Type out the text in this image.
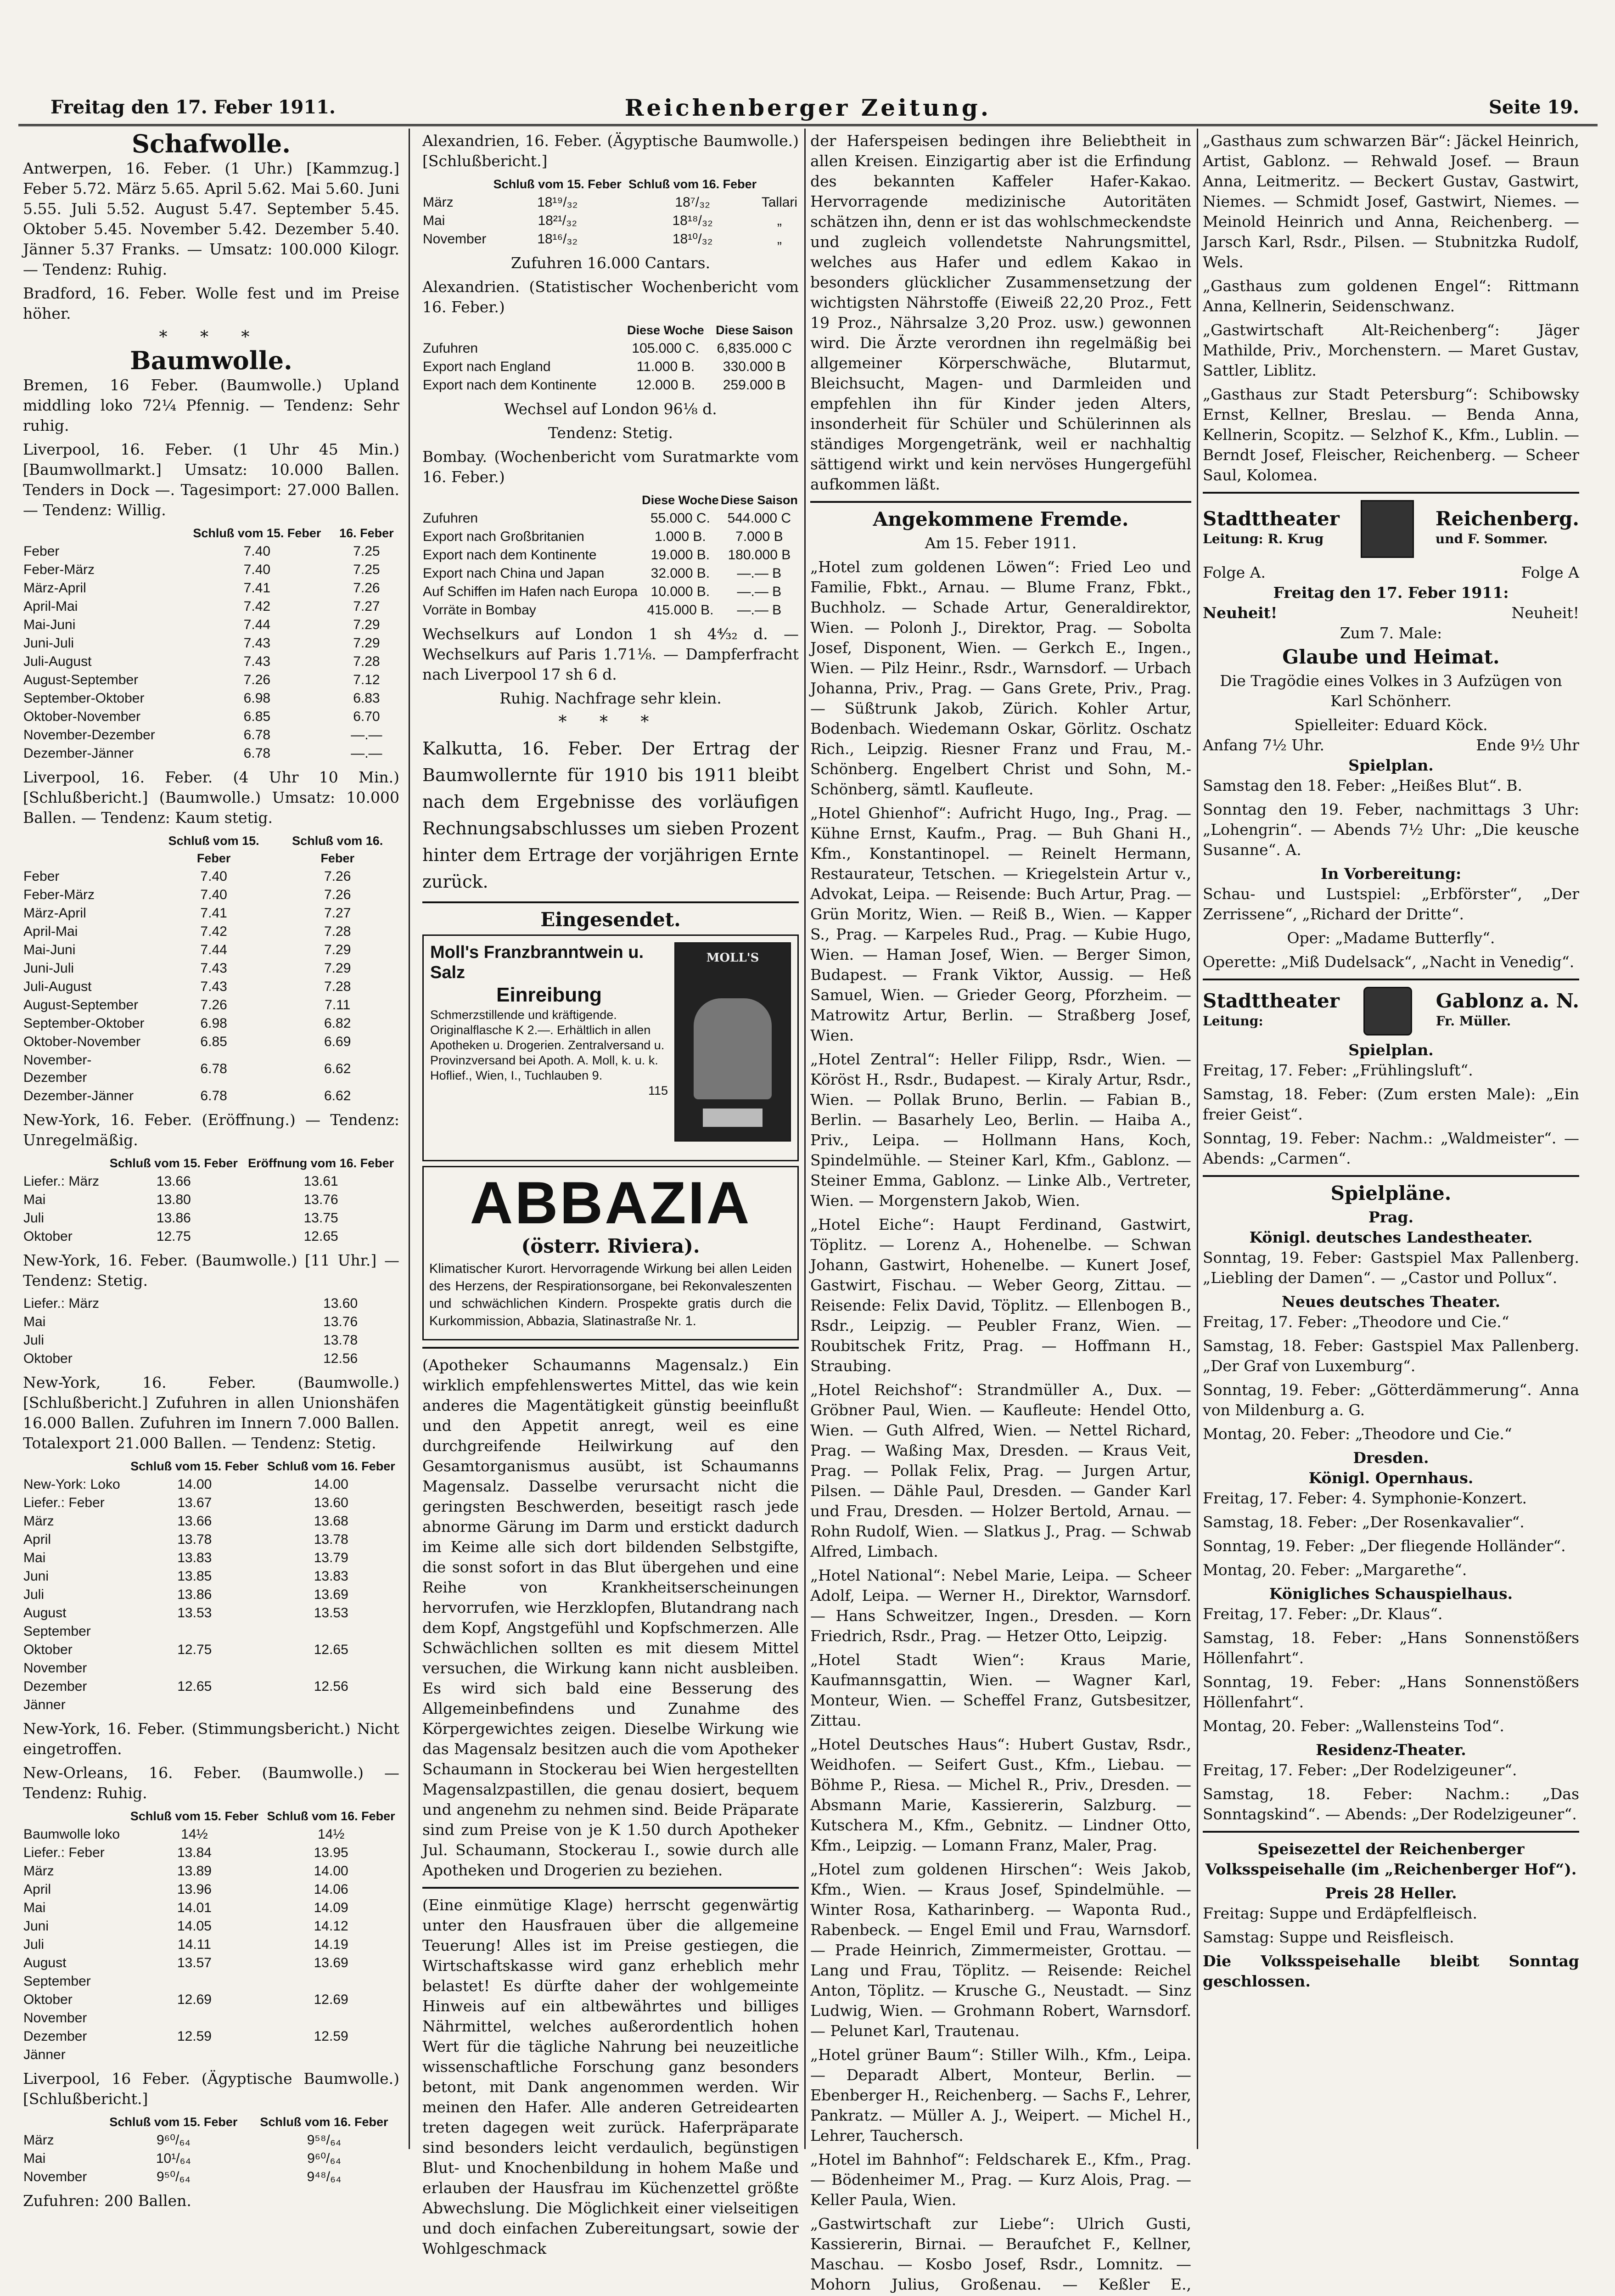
Freitag den 17. Feber 1911.	Reichenberger Zeitung.	Seite 19.
Schafwolle.

Antwerpen, 16. Feber. (1 Uhr.) [Kammzug.] Feber 5.72. März 5.65. April 5.62. Mai 5.60. Juni 5.55. Juli 5.52. August 5.47. September 5.45. Oktober 5.45. November 5.42. Dezember 5.40. Jänner 5.37 Franks. — Umsatz: 100.000 Kilogr. — Tendenz: Ruhig.

Bradford, 16. Feber. Wolle fest und im Preise höher.

* * *
Baumwolle.

Bremen, 16 Feber. (Baumwolle.) Upland middling loko 72¼ Pfennig. — Tendenz: Sehr ruhig.

Liverpool, 16. Feber. (1 Uhr 45 Min.) [Baumwollmarkt.] Umsatz: 10.000 Ballen. Tenders in Dock —. Tagesimport: 27.000 Ballen. — Tendenz: Willig.

	Schluß vom 15. Feber	16. Feber
Feber	7.40	7.25
Feber-März	7.40	7.25
März-April	7.41	7.26
April-Mai	7.42	7.27
Mai-Juni	7.44	7.29
Juni-Juli	7.43	7.29
Juli-August	7.43	7.28
August-September	7.26	7.12
September-Oktober	6.98	6.83
Oktober-November	6.85	6.70
November-Dezember	6.78	—.—
Dezember-Jänner	6.78	—.—

Liverpool, 16. Feber. (4 Uhr 10 Min.) [Schlußbericht.] (Baumwolle.) Umsatz: 10.000 Ballen. — Tendenz: Kaum stetig.

	Schluß vom 15. Feber	Schluß vom 16. Feber
Feber	7.40	7.26
Feber-März	7.40	7.26
März-April	7.41	7.27
April-Mai	7.42	7.28
Mai-Juni	7.44	7.29
Juni-Juli	7.43	7.29
Juli-August	7.43	7.28
August-September	7.26	7.11
September-Oktober	6.98	6.82
Oktober-November	6.85	6.69
November-Dezember	6.78	6.62
Dezember-Jänner	6.78	6.62

New-York, 16. Feber. (Eröffnung.) — Tendenz: Unregelmäßig.

	Schluß vom 15. Feber	Eröffnung vom 16. Feber
Liefer.: März	13.66	13.61
Mai	13.80	13.76
Juli	13.86	13.75
Oktober	12.75	12.65

New-York, 16. Feber. (Baumwolle.) [11 Uhr.] — Tendenz: Stetig.

Liefer.: März		13.60
Mai		13.76
Juli		13.78
Oktober		12.56

New-York, 16. Feber. (Baumwolle.) [Schlußbericht.] Zufuhren in allen Unionshäfen 16.000 Ballen. Zufuhren im Innern 7.000 Ballen. Totalexport 21.000 Ballen. — Tendenz: Stetig.

	Schluß vom 15. Feber	Schluß vom 16. Feber
New-York: Loko	14.00	14.00
Liefer.: Feber	13.67	13.60
März	13.66	13.68
April	13.78	13.78
Mai	13.83	13.79
Juni	13.85	13.83
Juli	13.86	13.69
August	13.53	13.53
September		
Oktober	12.75	12.65
November		
Dezember	12.65	12.56
Jänner		

New-York, 16. Feber. (Stimmungsbericht.) Nicht eingetroffen.

New-Orleans, 16. Feber. (Baumwolle.) — Tendenz: Ruhig.

	Schluß vom 15. Feber	Schluß vom 16. Feber
Baumwolle loko	14½	14½
Liefer.: Feber	13.84	13.95
März	13.89	14.00
April	13.96	14.06
Mai	14.01	14.09
Juni	14.05	14.12
Juli	14.11	14.19
August	13.57	13.69
September		
Oktober	12.69	12.69
November		
Dezember	12.59	12.59
Jänner		

Liverpool, 16 Feber. (Ägyptische Baumwolle.) [Schlußbericht.]

	Schluß vom 15. Feber	Schluß vom 16. Feber
März	9⁶⁰/₆₄	9⁵⁸/₆₄
Mai	10¹/₆₄	9⁶⁰/₆₄
November	9⁵⁰/₆₄	9⁴⁸/₆₄

Zufuhren: 200 Ballen.

Alexandrien, 16. Feber. (Ägyptische Baumwolle.) [Schlußbericht.]

	Schluß vom 15. Feber	Schluß vom 16. Feber	
März	18¹⁹/₃₂	18⁷/₃₂	Tallari
Mai	18²¹/₃₂	18¹⁸/₃₂	„
November	18¹⁶/₃₂	18¹⁰/₃₂	„

Zufuhren 16.000 Cantars.

Alexandrien. (Statistischer Wochenbericht vom 16. Feber.)

	Diese Woche	Diese Saison
Zufuhren	105.000 C.	6,835.000 C
Export nach England	11.000 B.	330.000 B
Export nach dem Kontinente	12.000 B.	259.000 B

Wechsel auf London 96⅛ d.

Tendenz: Stetig.

Bombay. (Wochenbericht vom Suratmarkte vom 16. Feber.)

	Diese Woche	Diese Saison
Zufuhren	55.000 C.	544.000 C
Export nach Großbritanien	1.000 B.	7.000 B
Export nach dem Kontinente	19.000 B.	180.000 B
Export nach China und Japan	32.000 B.	—.— B
Auf Schiffen im Hafen nach Europa	10.000 B.	—.— B
Vorräte in Bombay	415.000 B.	—.— B

Wechselkurs auf London 1 sh 4⁴⁄₃₂ d. — Wechselkurs auf Paris 1.71⅛. — Dampferfracht nach Liverpool 17 sh 6 d.

Ruhig. Nachfrage sehr klein.

* * *

Kalkutta, 16. Feber. Der Ertrag der Baumwollernte für 1910 bis 1911 bleibt nach dem Ergebnisse des vorläufigen Rechnungsabschlusses um sieben Prozent hinter dem Ertrage der vorjährigen Ernte zurück.

Eingesendet.
Moll's Franzbranntwein u. Salz
Einreibung
Schmerzstillende und kräftigende. Originalflasche K 2.—. Erhältlich in allen Apotheken u. Drogerien. Zentralversand u. Provinzversand bei Apoth. A. Moll, k. u. k. Hoflief., Wien, I., Tuchlauben 9.
115
MOLL'S
ABBAZIA
(österr. Riviera).

Klimatischer Kurort. Hervorragende Wirkung bei allen Leiden des Herzens, der Respirationsorgane, bei Rekonvaleszenten und schwächlichen Kindern. Prospekte gratis durch die Kurkommission, Abbazia, Slatinastraße Nr. 1.

(Apotheker Schaumanns Magensalz.) Ein wirklich empfehlenswertes Mittel, das wie kein anderes die Magentätigkeit günstig beeinflußt und den Appetit anregt, weil es eine durchgreifende Heilwirkung auf den Gesamtorganismus ausübt, ist Schaumanns Magensalz. Dasselbe verursacht nicht die geringsten Beschwerden, beseitigt rasch jede abnorme Gärung im Darm und erstickt dadurch im Keime alle sich dort bildenden Selbstgifte, die sonst sofort in das Blut übergehen und eine Reihe von Krankheitserscheinungen hervorrufen, wie Herzklopfen, Blutandrang nach dem Kopf, Angstgefühl und Kopfschmerzen. Alle Schwächlichen sollten es mit diesem Mittel versuchen, die Wirkung kann nicht ausbleiben. Es wird sich bald eine Besserung des Allgemeinbefindens und Zunahme des Körpergewichtes zeigen. Dieselbe Wirkung wie das Magensalz besitzen auch die vom Apotheker Schaumann in Stockerau bei Wien hergestellten Magensalzpastillen, die genau dosiert, bequem und angenehm zu nehmen sind. Beide Präparate sind zum Preise von je K 1.50 durch Apotheker Jul. Schaumann, Stockerau I., sowie durch alle Apotheken und Drogerien zu beziehen.

(Eine einmütige Klage) herrscht gegenwärtig unter den Hausfrauen über die allgemeine Teuerung! Alles ist im Preise gestiegen, die Wirtschaftskasse wird ganz erheblich mehr belastet! Es dürfte daher der wohlgemeinte Hinweis auf ein altbewährtes und billiges Nährmittel, welches außerordentlich hohen Wert für die tägliche Nahrung bei neuzeitliche wissenschaftliche Forschung ganz besonders betont, mit Dank angenommen werden. Wir meinen den Hafer. Alle anderen Getreidearten treten dagegen weit zurück. Haferpräparate sind besonders leicht verdaulich, begünstigen Blut- und Knochenbildung in hohem Maße und erlauben der Hausfrau im Küchenzettel größte Abwechslung. Die Möglichkeit einer vielseitigen und doch einfachen Zubereitungsart, sowie der Wohlgeschmack

der Haferspeisen bedingen ihre Beliebtheit in allen Kreisen. Einzigartig aber ist die Erfindung des bekannten Kaffeler Hafer-Kakao. Hervorragende medizinische Autoritäten schätzen ihn, denn er ist das wohlschmeckendste und zugleich vollendetste Nahrungsmittel, welches aus Hafer und edlem Kakao in besonders glücklicher Zusammensetzung der wichtigsten Nährstoffe (Eiweiß 22,20 Proz., Fett 19 Proz., Nährsalze 3,20 Proz. usw.) gewonnen wird. Die Ärzte verordnen ihn regelmäßig bei allgemeiner Körperschwäche, Blutarmut, Bleichsucht, Magen- und Darmleiden und empfehlen ihn für Kinder jeden Alters, insonderheit für Schüler und Schülerinnen als ständiges Morgengetränk, weil er nachhaltig sättigend wirkt und kein nervöses Hungergefühl aufkommen läßt.

Angekommene Fremde.
Am 15. Feber 1911.

„Hotel zum goldenen Löwen“: Fried Leo und Familie, Fbkt., Arnau. — Blume Franz, Fbkt., Buchholz. — Schade Artur, Generaldirektor, Wien. — Polonh J., Direktor, Prag. — Sobolta Josef, Disponent, Wien. — Gerkch E., Ingen., Wien. — Pilz Heinr., Rsdr., Warnsdorf. — Urbach Johanna, Priv., Prag. — Gans Grete, Priv., Prag. — Süßtrunk Jakob, Zürich. Kohler Artur, Bodenbach. Wiedemann Oskar, Görlitz. Oschatz Rich., Leipzig. Riesner Franz und Frau, M.-Schönberg. Engelbert Christ und Sohn, M.-Schönberg, sämtl. Kaufleute.

„Hotel Ghienhof“: Aufricht Hugo, Ing., Prag. — Kühne Ernst, Kaufm., Prag. — Buh Ghani H., Kfm., Konstantinopel. — Reinelt Hermann, Restaurateur, Tetschen. — Kriegelstein Artur v., Advokat, Leipa. — Reisende: Buch Artur, Prag. — Grün Moritz, Wien. — Reiß B., Wien. — Kapper S., Prag. — Karpeles Rud., Prag. — Kubie Hugo, Wien. — Haman Josef, Wien. — Berger Simon, Budapest. — Frank Viktor, Aussig. — Heß Samuel, Wien. — Grieder Georg, Pforzheim. — Matrowitz Artur, Berlin. — Straßberg Josef, Wien.

„Hotel Zentral“: Heller Filipp, Rsdr., Wien. — Köröst H., Rsdr., Budapest. — Kiraly Artur, Rsdr., Wien. — Pollak Bruno, Berlin. — Fabian B., Berlin. — Basarhely Leo, Berlin. — Haiba A., Priv., Leipa. — Hollmann Hans, Koch, Spindelmühle. — Steiner Karl, Kfm., Gablonz. — Steiner Emma, Gablonz. — Linke Alb., Vertreter, Wien. — Morgenstern Jakob, Wien.

„Hotel Eiche“: Haupt Ferdinand, Gastwirt, Töplitz. — Lorenz A., Hohenelbe. — Schwan Johann, Gastwirt, Hohenelbe. — Kunert Josef, Gastwirt, Fischau. — Weber Georg, Zittau. — Reisende: Felix David, Töplitz. — Ellenbogen B., Rsdr., Leipzig. — Peubler Franz, Wien. — Roubitschek Fritz, Prag. — Hoffmann H., Straubing.

„Hotel Reichshof“: Strandmüller A., Dux. — Gröbner Paul, Wien. — Kaufleute: Hendel Otto, Wien. — Guth Alfred, Wien. — Nettel Richard, Prag. — Waßing Max, Dresden. — Kraus Veit, Prag. — Pollak Felix, Prag. — Jurgen Artur, Pilsen. — Dähle Paul, Dresden. — Gander Karl und Frau, Dresden. — Holzer Bertold, Arnau. — Rohn Rudolf, Wien. — Slatkus J., Prag. — Schwab Alfred, Limbach.

„Hotel National“: Nebel Marie, Leipa. — Scheer Adolf, Leipa. — Werner H., Direktor, Warnsdorf. — Hans Schweitzer, Ingen., Dresden. — Korn Friedrich, Rsdr., Prag. — Hetzer Otto, Leipzig.

„Hotel Stadt Wien“: Kraus Marie, Kaufmannsgattin, Wien. — Wagner Karl, Monteur, Wien. — Scheffel Franz, Gutsbesitzer, Zittau.

„Hotel Deutsches Haus“: Hubert Gustav, Rsdr., Weidhofen. — Seifert Gust., Kfm., Liebau. — Böhme P., Riesa. — Michel R., Priv., Dresden. — Absmann Marie, Kassiererin, Salzburg. — Kutschera M., Kfm., Gebnitz. — Lindner Otto, Kfm., Leipzig. — Lomann Franz, Maler, Prag.

„Hotel zum goldenen Hirschen“: Weis Jakob, Kfm., Wien. — Kraus Josef, Spindelmühle. — Winter Rosa, Katharinberg. — Waponta Rud., Rabenbeck. — Engel Emil und Frau, Warnsdorf. — Prade Heinrich, Zimmermeister, Grottau. — Lang und Frau, Töplitz. — Reisende: Reichel Anton, Töplitz. — Krusche G., Neustadt. — Sinz Ludwig, Wien. — Grohmann Robert, Warnsdorf. — Pelunet Karl, Trautenau.

„Hotel grüner Baum“: Stiller Wilh., Kfm., Leipa. — Deparadt Albert, Monteur, Berlin. — Ebenberger H., Reichenberg. — Sachs F., Lehrer, Pankratz. — Müller A. J., Weipert. — Michel H., Lehrer, Tauchersch.

„Hotel im Bahnhof“: Feldscharek E., Kfm., Prag. — Bödenheimer M., Prag. — Kurz Alois, Prag. — Keller Paula, Wien.

„Gastwirtschaft zur Liebe“: Ulrich Gusti, Kassiererin, Birnai. — Beraufchet F., Kellner, Maschau. — Kosbo Josef, Rsdr., Lomnitz. — Mohorn Julius, Großenau. — Keßler E.,

„Gasthaus zum schwarzen Bär“: Jäckel Heinrich, Artist, Gablonz. — Rehwald Josef. — Braun Anna, Leitmeritz. — Beckert Gustav, Gastwirt, Niemes. — Schmidt Josef, Gastwirt, Niemes. — Meinold Heinrich und Anna, Reichenberg. — Jarsch Karl, Rsdr., Pilsen. — Stubnitzka Rudolf, Wels.

„Gasthaus zum goldenen Engel“: Rittmann Anna, Kellnerin, Seidenschwanz.

„Gastwirtschaft Alt-Reichenberg“: Jäger Mathilde, Priv., Morchenstern. — Maret Gustav, Sattler, Liblitz.

„Gasthaus zur Stadt Petersburg“: Schibowsky Ernst, Kellner, Breslau. — Benda Anna, Kellnerin, Scopitz. — Selzhof K., Kfm., Lublin. — Berndt Josef, Fleischer, Reichenberg. — Scheer Saul, Kolomea.

Stadttheater
Leitung: R. Krug
Reichenberg.
und F. Sommer.
Folge A.	Folge A
Freitag den 17. Feber 1911:
Neuheit!	Neuheit!
Zum 7. Male:
Glaube und Heimat.

Die Tragödie eines Volkes in 3 Aufzügen von Karl Schönherr.

Spielleiter: Eduard Köck.
Anfang 7½ Uhr.	Ende 9½ Uhr
Spielplan.

Samstag den 18. Feber: „Heißes Blut“. B.

Sonntag den 19. Feber, nachmittags 3 Uhr: „Lohengrin“. — Abends 7½ Uhr: „Die keusche Susanne“. A.

In Vorbereitung:

Schau- und Lustspiel: „Erbförster“, „Der Zerrissene“, „Richard der Dritte“.

Oper: „Madame Butterfly“.

Operette: „Miß Dudelsack“, „Nacht in Venedig“.

Stadttheater
Leitung:
Gablonz a. N.
Fr. Müller.
Spielplan.

Freitag, 17. Feber: „Frühlingsluft“.

Samstag, 18. Feber: (Zum ersten Male): „Ein freier Geist“.

Sonntag, 19. Feber: Nachm.: „Waldmeister“. — Abends: „Carmen“.

Spielpläne.
Prag.
Königl. deutsches Landestheater.

Sonntag, 19. Feber: Gastspiel Max Pallenberg. „Liebling der Damen“. — „Castor und Pollux“.

Neues deutsches Theater.

Freitag, 17. Feber: „Theodore und Cie.“

Samstag, 18. Feber: Gastspiel Max Pallenberg. „Der Graf von Luxemburg“.

Sonntag, 19. Feber: „Götterdämmerung“. Anna von Mildenburg a. G.

Montag, 20. Feber: „Theodore und Cie.“

Dresden.
Königl. Opernhaus.

Freitag, 17. Feber: 4. Symphonie-Konzert.

Samstag, 18. Feber: „Der Rosenkavalier“.

Sonntag, 19. Feber: „Der fliegende Holländer“.

Montag, 20. Feber: „Margarethe“.

Königliches Schauspielhaus.

Freitag, 17. Feber: „Dr. Klaus“.

Samstag, 18. Feber: „Hans Sonnenstößers Höllenfahrt“.

Sonntag, 19. Feber: „Hans Sonnenstößers Höllenfahrt“.

Montag, 20. Feber: „Wallensteins Tod“.

Residenz-Theater.

Freitag, 17. Feber: „Der Rodelzigeuner“.

Samstag, 18. Feber: Nachm.: „Das Sonntagskind“. — Abends: „Der Rodelzigeuner“.

Speisezettel der Reichenberger Volksspeisehalle (im „Reichenberger Hof“).

Preis 28 Heller.

Freitag: Suppe und Erdäpfelfleisch.

Samstag: Suppe und Reisfleisch.

Die Volksspeisehalle bleibt Sonntag geschlossen.
